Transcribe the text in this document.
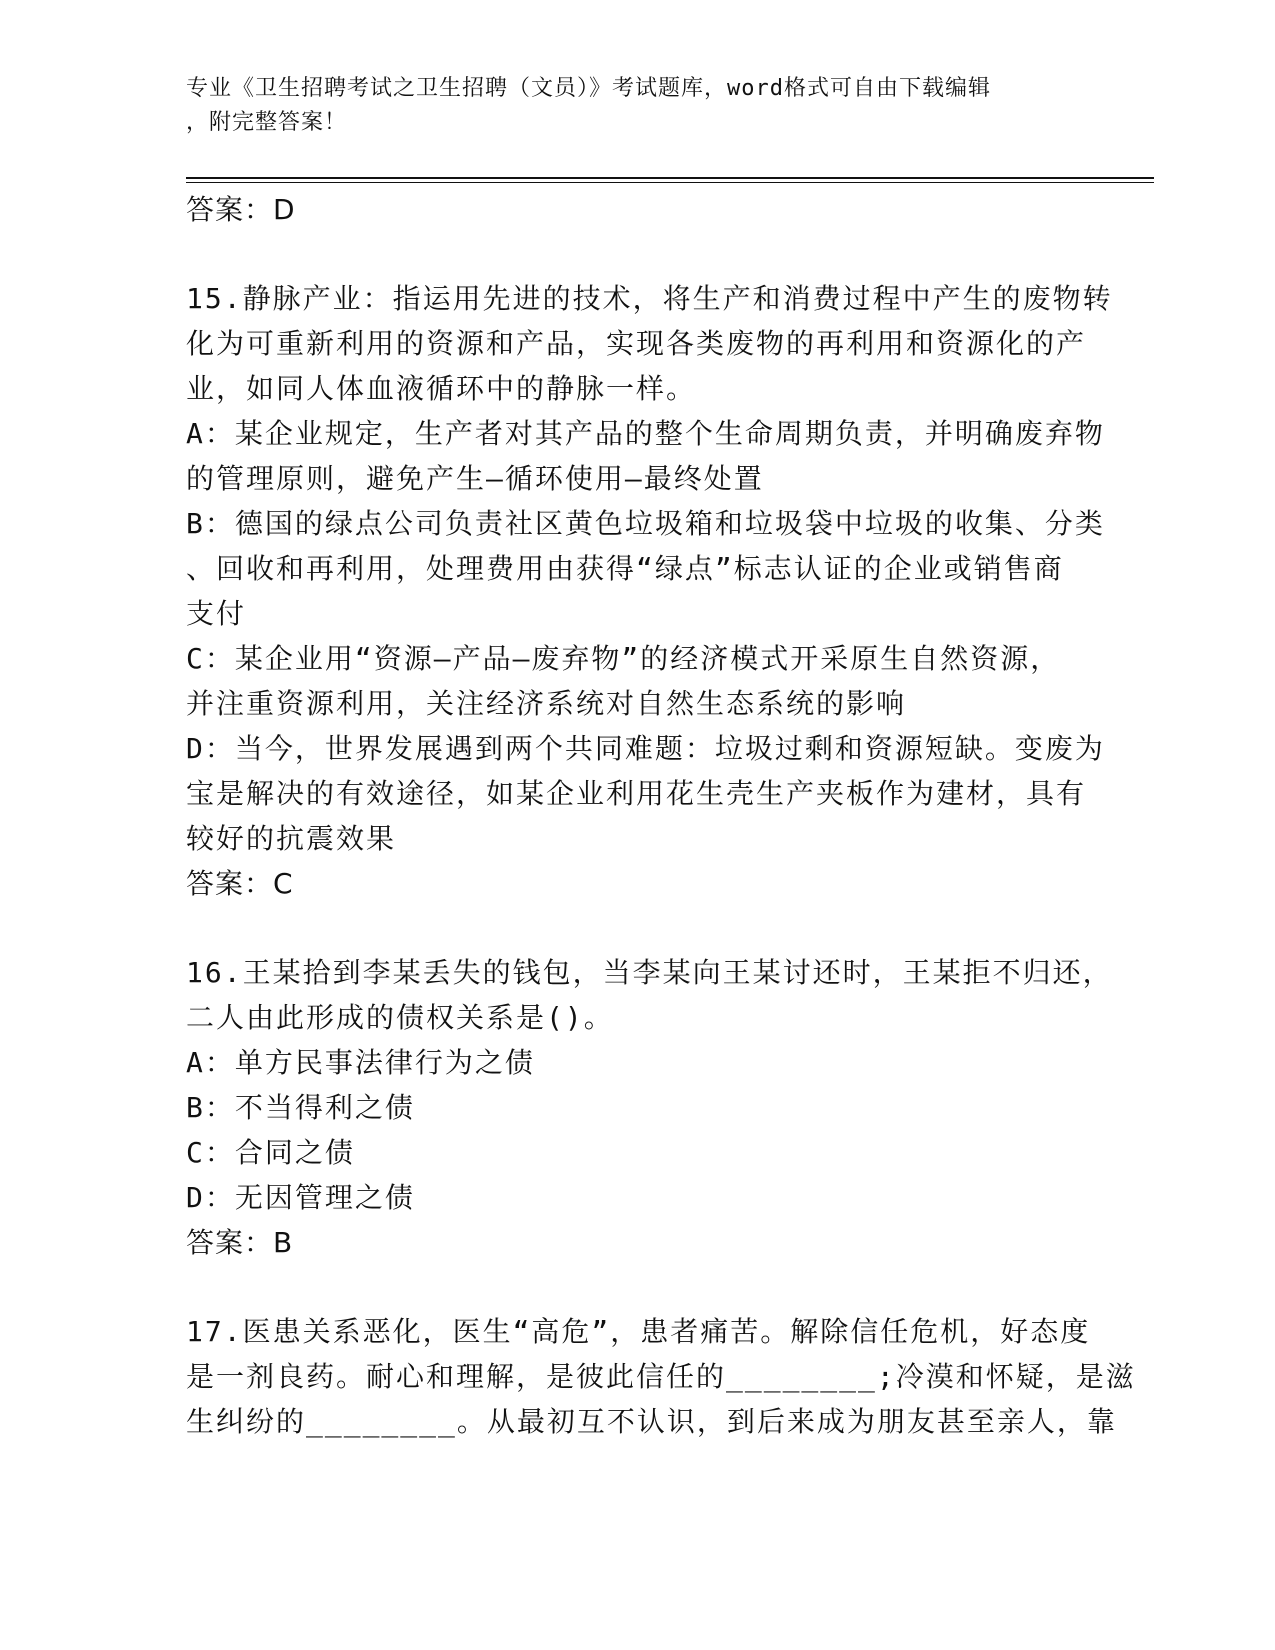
专业《卫生招聘考试之卫生招聘（文员）》考试题库，word格式可自由下载编辑
，附完整答案！
答案：D
15.静脉产业：指运用先进的技术，将生产和消费过程中产生的废物转
化为可重新利用的资源和产品，实现各类废物的再利用和资源化的产
业，如同人体血液循环中的静脉一样。
A：某企业规定，生产者对其产品的整个生命周期负责，并明确废弃物
的管理原则，避免产生—循环使用—最终处置
B：德国的绿点公司负责社区黄色垃圾箱和垃圾袋中垃圾的收集、分类
、回收和再利用，处理费用由获得“绿点”标志认证的企业或销售商
支付
C：某企业用“资源—产品—废弃物”的经济模式开采原生自然资源，
并注重资源利用，关注经济系统对自然生态系统的影响
D：当今，世界发展遇到两个共同难题：垃圾过剩和资源短缺。变废为
宝是解决的有效途径，如某企业利用花生壳生产夹板作为建材，具有
较好的抗震效果
答案：C
16.王某拾到李某丢失的钱包，当李某向王某讨还时，王某拒不归还，
二人由此形成的债权关系是()。
A：单方民事法律行为之债
B：不当得利之债
C：合同之债
D：无因管理之债
答案：B
17.医患关系恶化，医生“高危”，患者痛苦。解除信任危机，好态度
是一剂良药。耐心和理解，是彼此信任的________;冷漠和怀疑，是滋
生纠纷的________。从最初互不认识，到后来成为朋友甚至亲人，靠
